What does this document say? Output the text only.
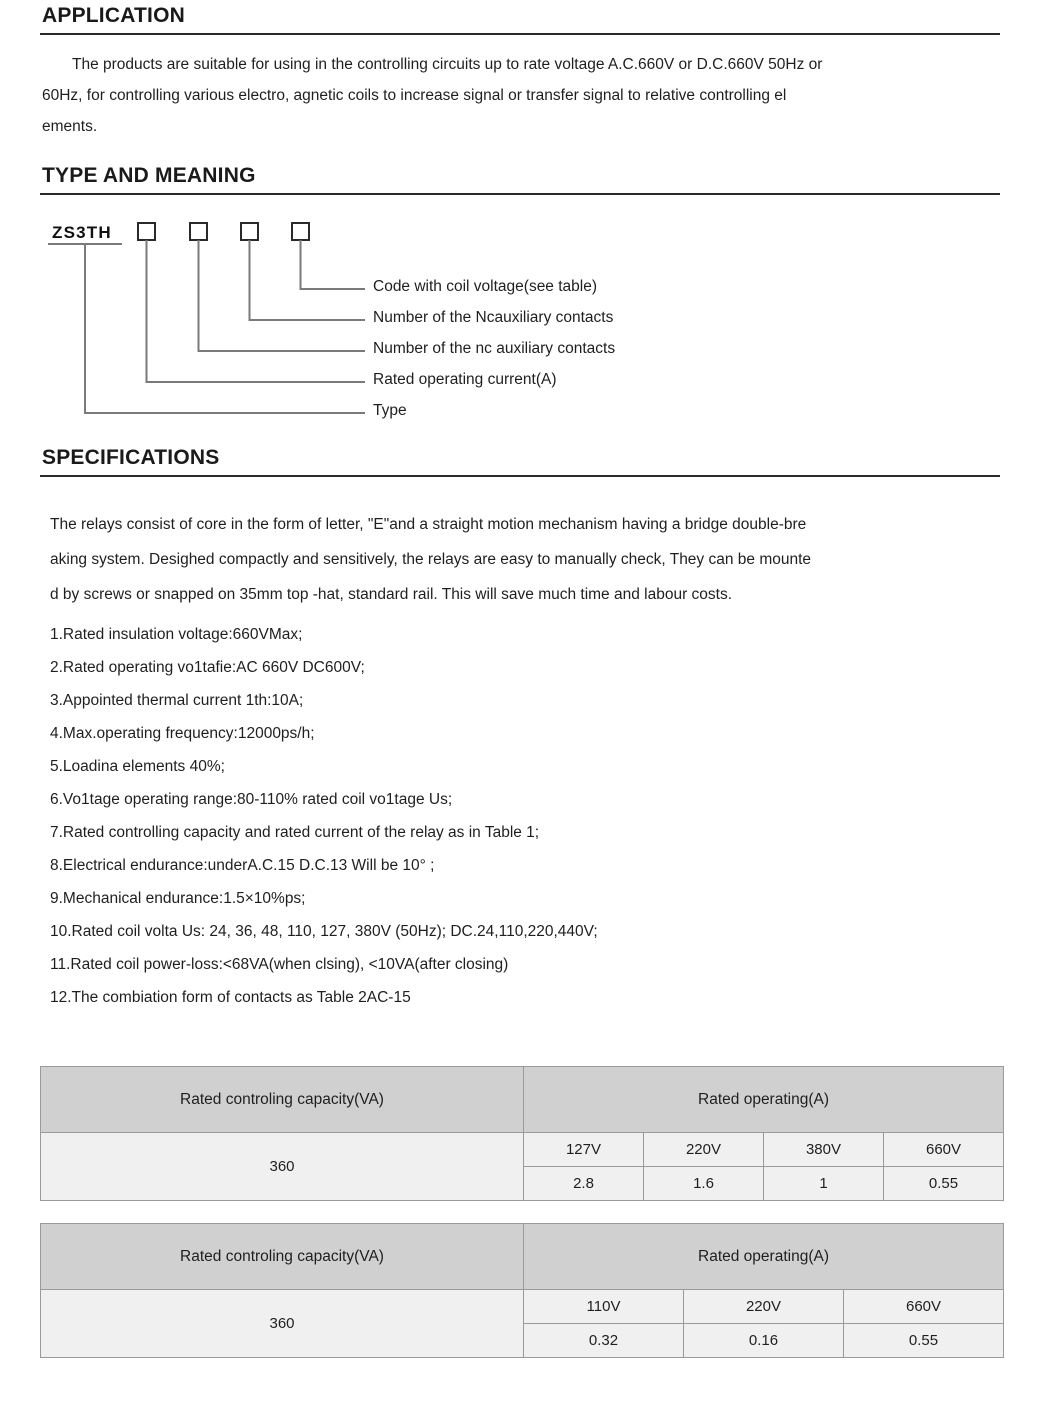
APPLICATION

The products are suitable for using in the controlling circuits up to rate voltage A.C.660V or D.C.660V 50Hz or

60Hz, for controlling various electro, agnetic coils to increase signal or transfer signal to relative controlling el

ements.

TYPE AND MEANING
ZS3TH
Code with coil voltage(see table)
Number of the Ncauxiliary contacts
Number of the nc auxiliary contacts
Rated operating current(A)
Type
SPECIFICATIONS

The relays consist of core in the form of letter, "E"and a straight motion mechanism having a bridge double-bre

aking system. Desighed compactly and sensitively, the relays are easy to manually check, They can be mounte

d by screws or snapped on 35mm top -hat, standard rail. This will save much time and labour costs.

1.Rated insulation voltage:660VMax;
2.Rated operating vo1tafie:AC 660V DC600V;
3.Appointed thermal current 1th:10A;
4.Max.operating frequency:12000ps/h;
5.Loadina elements 40%;
6.Vo1tage operating range:80-110% rated coil vo1tage Us;
7.Rated controlling capacity and rated current of the relay as in Table 1;
8.Electrical endurance:underA.C.15 D.C.13 Will be 10° ;
9.Mechanical endurance:1.5×10%ps;
10.Rated coil volta Us: 24, 36, 48, 110, 127, 380V (50Hz); DC.24,110,220,440V;
11.Rated coil power-loss:<68VA(when clsing), <10VA(after closing)
12.The combiation form of contacts as Table 2AC-15
Rated controling capacity(VA)	Rated operating(A)			
360	127V	220V	380V	660V
	2.8	1.6	1	0.55
Rated controling capacity(VA)	Rated operating(A)		
360	110V	220V	660V
	0.32	0.16	0.55
